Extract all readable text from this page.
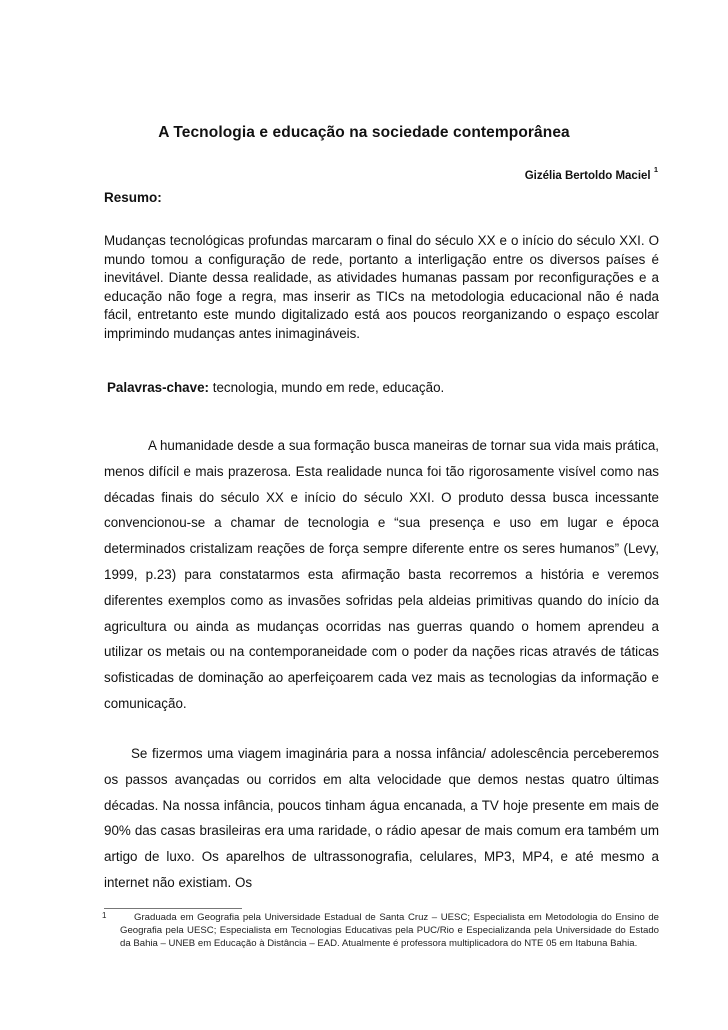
A Tecnologia e educação na sociedade contemporânea
Gizélia Bertoldo Maciel $^1$
Resumo:
Mudanças tecnológicas profundas marcaram o final do século XX e o início do século XXI. O mundo tomou a configuração de rede, portanto a interligação entre os diversos países é inevitável. Diante dessa realidade, as atividades humanas passam por reconfigurações e a educação não foge a regra, mas inserir as TICs na metodologia educacional não é nada fácil, entretanto este mundo digitalizado está aos poucos reorganizando o espaço escolar imprimindo mudanças antes inimagináveis.
Palavras-chave: tecnologia, mundo em rede, educação.
A humanidade desde a sua formação busca maneiras de tornar sua vida mais prática, menos difícil e mais prazerosa. Esta realidade nunca foi tão rigorosamente visível como nas décadas finais do século XX e início do século XXI. O produto dessa busca incessante convencionou-se a chamar de tecnologia e “sua presença e uso em lugar e época determinados cristalizam reações de força sempre diferente entre os seres humanos” (Levy, 1999, p.23) para constatarmos esta afirmação basta recorremos a história e veremos diferentes exemplos como as invasões sofridas pela aldeias primitivas quando do início da agricultura ou ainda as mudanças ocorridas nas guerras quando o homem aprendeu a utilizar os metais ou na contemporaneidade com o poder da nações ricas através de táticas sofisticadas de dominação ao aperfeiçoarem cada vez mais as tecnologias da informação e comunicação.
Se fizermos uma viagem imaginária para a nossa infância/ adolescência perceberemos os passos avançadas ou corridos em alta velocidade que demos nestas quatro últimas décadas. Na nossa infância, poucos tinham água encanada, a TV hoje presente em mais de 90% das casas brasileiras era uma raridade, o rádio apesar de mais comum era também um artigo de luxo. Os aparelhos de ultrassonografia, celulares, MP3, MP4, e até mesmo a internet não existiam. Os
1	Graduada em Geografia pela Universidade Estadual de Santa Cruz – UESC; Especialista em Metodologia do Ensino de Geografia pela UESC; Especialista em Tecnologias Educativas pela PUC/Rio e Especializanda pela Universidade do Estado da Bahia – UNEB em Educação à Distância – EAD. Atualmente é professora multiplicadora do NTE 05 em Itabuna Bahia.
